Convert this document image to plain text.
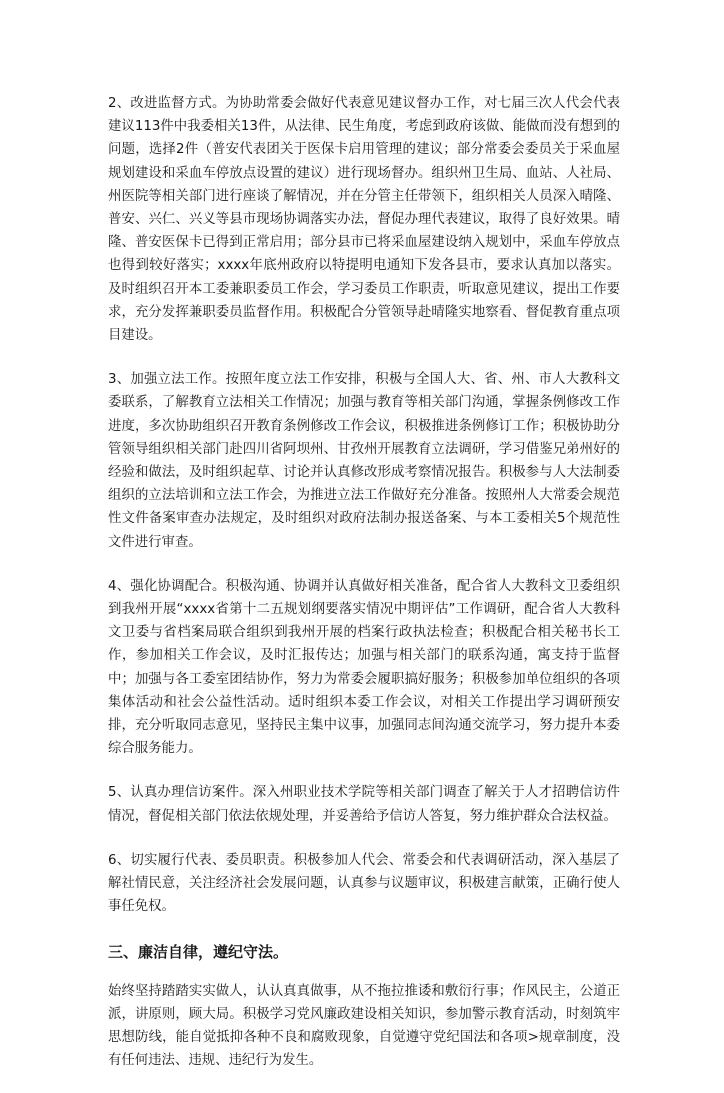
2、改进监督方式。为协助常委会做好代表意见建议督办工作，对七届三次人代会代表建议113件中我委相关13件，从法律、民生角度，考虑到政府该做、能做而没有想到的问题，选择2件（普安代表团关于医保卡启用管理的建议；部分常委会委员关于采血屋规划建设和采血车停放点设置的建议）进行现场督办。组织州卫生局、血站、人社局、州医院等相关部门进行座谈了解情况，并在分管主任带领下，组织相关人员深入晴隆、普安、兴仁、兴义等县市现场协调落实办法，督促办理代表建议，取得了良好效果。晴隆、普安医保卡已得到正常启用；部分县市已将采血屋建设纳入规划中，采血车停放点也得到较好落实；xxxx年底州政府以特提明电通知下发各县市，要求认真加以落实。及时组织召开本工委兼职委员工作会，学习委员工作职责，听取意见建议，提出工作要求，充分发挥兼职委员监督作用。积极配合分管领导赴晴隆实地察看、督促教育重点项目建设。

3、加强立法工作。按照年度立法工作安排，积极与全国人大、省、州、市人大教科文委联系，了解教育立法相关工作情况；加强与教育等相关部门沟通，掌握条例修改工作进度，多次协助组织召开教育条例修改工作会议，积极推进条例修订工作；积极协助分管领导组织相关部门赴四川省阿坝州、甘孜州开展教育立法调研，学习借鉴兄弟州好的经验和做法，及时组织起草、讨论并认真修改形成考察情况报告。积极参与人大法制委组织的立法培训和立法工作会，为推进立法工作做好充分准备。按照州人大常委会规范性文件备案审查办法规定，及时组织对政府法制办报送备案、与本工委相关5个规范性文件进行审查。

4、强化协调配合。积极沟通、协调并认真做好相关准备，配合省人大教科文卫委组织到我州开展“xxxx省第十二五规划纲要落实情况中期评估”工作调研，配合省人大教科文卫委与省档案局联合组织到我州开展的档案行政执法检查；积极配合相关秘书长工作，参加相关工作会议，及时汇报传达；加强与相关部门的联系沟通，寓支持于监督中；加强与各工委室团结协作，努力为常委会履职搞好服务；积极参加单位组织的各项集体活动和社会公益性活动。适时组织本委工作会议，对相关工作提出学习调研预安排，充分听取同志意见，坚持民主集中议事，加强同志间沟通交流学习，努力提升本委综合服务能力。

5、认真办理信访案件。深入州职业技术学院等相关部门调查了解关于人才招聘信访件情况，督促相关部门依法依规处理，并妥善给予信访人答复，努力维护群众合法权益。

6、切实履行代表、委员职责。积极参加人代会、常委会和代表调研活动，深入基层了解社情民意，关注经济社会发展问题，认真参与议题审议，积极建言献策，正确行使人事任免权。

三、廉洁自律，遵纪守法。

始终坚持踏踏实实做人，认认真真做事，从不拖拉推诿和敷衍行事；作风民主，公道正派，讲原则，顾大局。积极学习党风廉政建设相关知识，参加警示教育活动，时刻筑牢思想防线，能自觉抵抑各种不良和腐败现象，自觉遵守党纪国法和各项>规章制度，没有任何违法、违规、违纪行为发生。
